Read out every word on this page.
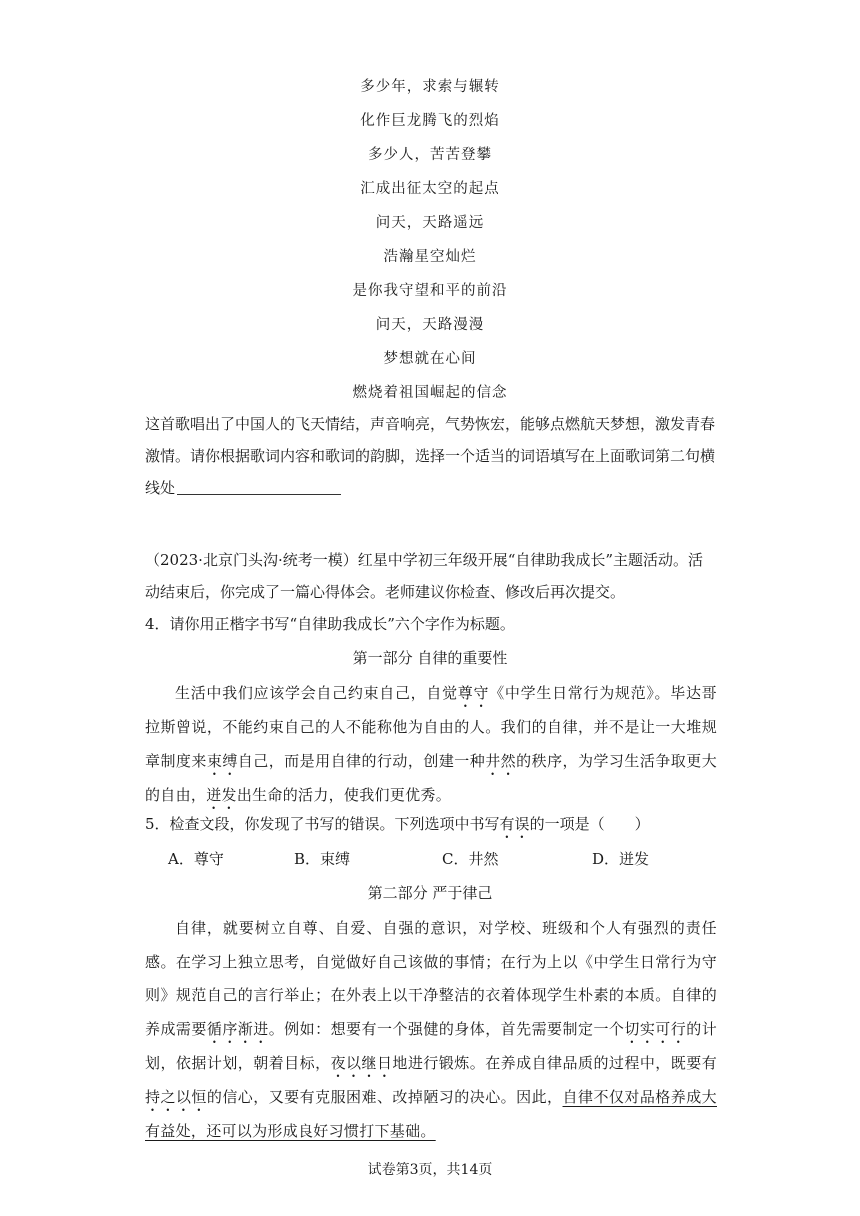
多少年，求索与辗转
化作巨龙腾飞的烈焰
多少人，苦苦登攀
汇成出征太空的起点
问天，天路遥远
浩瀚星空灿烂
是你我守望和平的前沿
问天，天路漫漫
梦想就在心间
燃烧着祖国崛起的信念
这首歌唱出了中国人的飞天情结，声音响亮，气势恢宏，能够点燃航天梦想，激发青春激情。请你根据歌词内容和歌词的韵脚，选择一个适当的词语填写在上面歌词第二句横线处
（2023·北京门头沟·统考一模）红星中学初三年级开展“自律助我成长”主题活动。活动结束后，你完成了一篇心得体会。老师建议你检查、修改后再次提交。
4．请你用正楷字书写“自律助我成长”六个字作为标题。
第一部分 自律的重要性
生活中我们应该学会自己约束自己，自觉尊守《中学生日常行为规范》。毕达哥拉斯曾说，不能约束自己的人不能称他为自由的人。我们的自律，并不是让一大堆规章制度来束缚自己，而是用自律的行动，创建一种井然的秩序，为学习生活争取更大的自由，迸发出生命的活力，使我们更优秀。
5．检查文段，你发现了书写的错误。下列选项中书写有误的一项是（　　）
A．尊守	B．束缚	C．井然	D．迸发
第二部分 严于律己
自律，就要树立自尊、自爱、自强的意识，对学校、班级和个人有强烈的责任感。在学习上独立思考，自觉做好自己该做的事情；在行为上以《中学生日常行为守则》规范自己的言行举止；在外表上以干净整洁的衣着体现学生朴素的本质。自律的养成需要循序渐进。例如：想要有一个强健的身体，首先需要制定一个切实可行的计划，依据计划，朝着目标，夜以继日地进行锻炼。在养成自律品质的过程中，既要有持之以恒的信心，又要有克服困难、改掉陋习的决心。因此，自律不仅对品格养成大有益处，还可以为形成良好习惯打下基础。
试卷第3页，共14页
